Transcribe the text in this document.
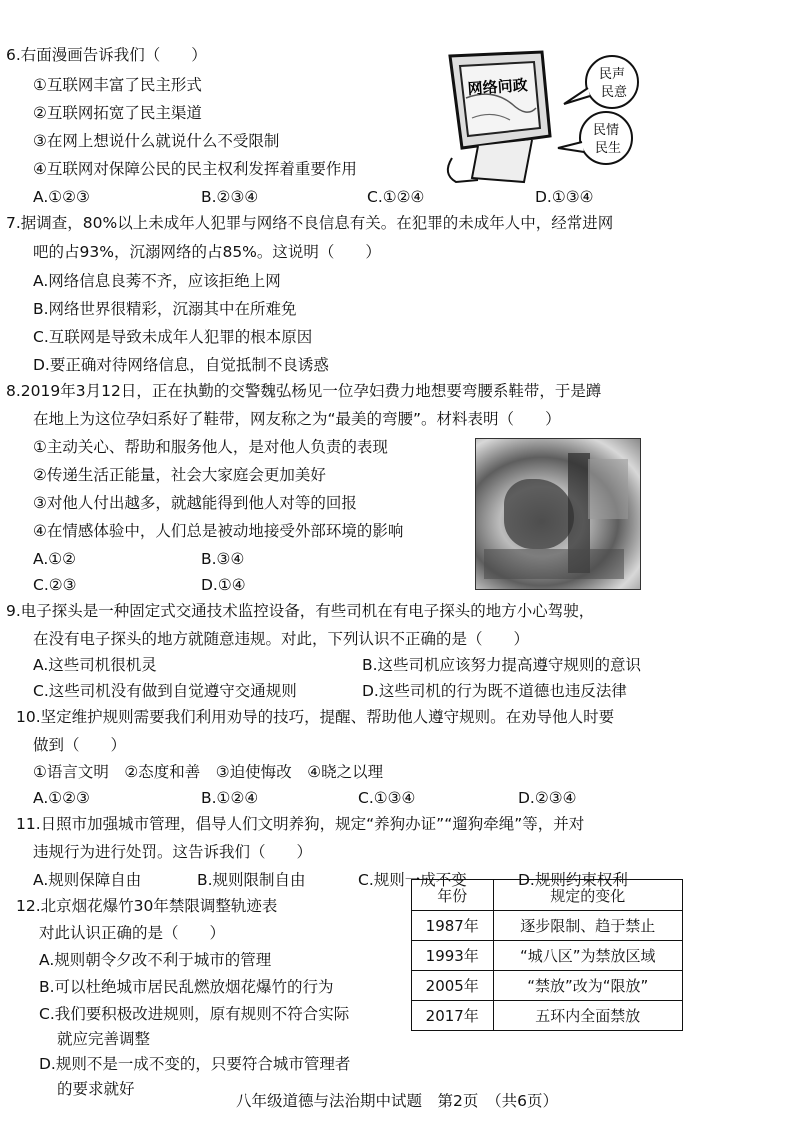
6.右面漫画告诉我们（　　）
①互联网丰富了民主形式
②互联网拓宽了民主渠道
③在网上想说什么就说什么不受限制
④互联网对保障公民的民主权利发挥着重要作用
A.①②③	B.②③④	C.①②④	D.①③④
网络问政
民声
民意
民情
民生
7.据调查，80%以上未成年人犯罪与网络不良信息有关。在犯罪的未成年人中，经常进网
吧的占93%，沉溺网络的占85%。这说明（　　）
A.网络信息良莠不齐，应该拒绝上网
B.网络世界很精彩，沉溺其中在所难免
C.互联网是导致未成年人犯罪的根本原因
D.要正确对待网络信息，自觉抵制不良诱惑
8.2019年3月12日，正在执勤的交警魏弘杨见一位孕妇费力地想要弯腰系鞋带，于是蹲
在地上为这位孕妇系好了鞋带，网友称之为“最美的弯腰”。材料表明（　　）
①主动关心、帮助和服务他人，是对他人负责的表现
②传递生活正能量，社会大家庭会更加美好
③对他人付出越多，就越能得到他人对等的回报
④在情感体验中，人们总是被动地接受外部环境的影响
A.①②	B.③④
C.②③	D.①④
9.电子探头是一种固定式交通技术监控设备，有些司机在有电子探头的地方小心驾驶，
在没有电子探头的地方就随意违规。对此，下列认识不正确的是（　　）
A.这些司机很机灵	B.这些司机应该努力提高遵守规则的意识
C.这些司机没有做到自觉遵守交通规则	D.这些司机的行为既不道德也违反法律
10.坚定维护规则需要我们利用劝导的技巧，提醒、帮助他人遵守规则。在劝导他人时要
做到（　　）
①语言文明　②态度和善　③迫使悔改　④晓之以理
A.①②③	B.①②④	C.①③④	D.②③④
11.日照市加强城市管理，倡导人们文明养狗，规定“养狗办证”“遛狗牵绳”等，并对
违规行为进行处罚。这告诉我们（　　）
A.规则保障自由	B.规则限制自由	C.规则一成不变	D.规则约束权利
12.北京烟花爆竹30年禁限调整轨迹表
对此认识正确的是（　　）
A.规则朝令夕改不利于城市的管理
B.可以杜绝城市居民乱燃放烟花爆竹的行为
C.我们要积极改进规则，原有规则不符合实际
就应完善调整
D.规则不是一成不变的，只要符合城市管理者
的要求就好
年份	规定的变化
1987年	逐步限制、趋于禁止
1993年	“城八区”为禁放区域
2005年	“禁放”改为“限放”
2017年	五环内全面禁放
八年级道德与法治期中试题　第2页　（共6页）
